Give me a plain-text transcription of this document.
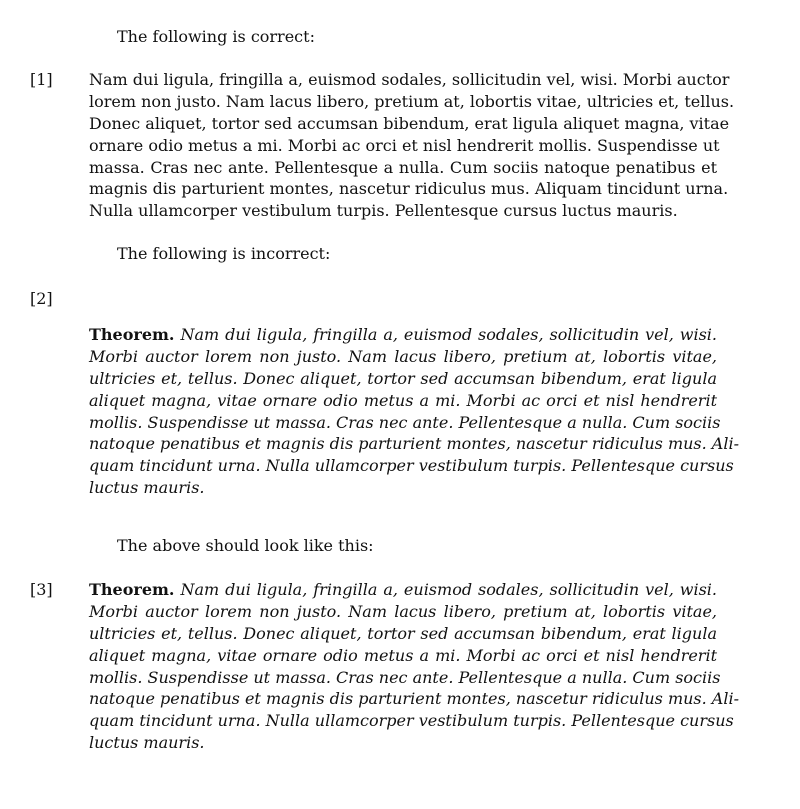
The following is correct:
[1] Nam dui ligula, fringilla a, euismod sodales, sollicitudin vel, wisi. Morbi auctor
lorem non justo. Nam lacus libero, pretium at, lobortis vitae, ultricies et, tellus.
Donec aliquet, tortor sed accumsan bibendum, erat ligula aliquet magna, vitae
ornare odio metus a mi. Morbi ac orci et nisl hendrerit mollis. Suspendisse ut
massa. Cras nec ante. Pellentesque a nulla. Cum sociis natoque penatibus et
magnis dis parturient montes, nascetur ridiculus mus. Aliquam tincidunt urna.
Nulla ullamcorper vestibulum turpis. Pellentesque cursus luctus mauris.
The following is incorrect:
[2]
Theorem. Nam dui ligula, fringilla a, euismod sodales, sollicitudin vel, wisi.
Morbi auctor lorem non justo. Nam lacus libero, pretium at, lobortis vitae,
ultricies et, tellus. Donec aliquet, tortor sed accumsan bibendum, erat ligula
aliquet magna, vitae ornare odio metus a mi. Morbi ac orci et nisl hendrerit
mollis. Suspendisse ut massa. Cras nec ante. Pellentesque a nulla. Cum sociis
natoque penatibus et magnis dis parturient montes, nascetur ridiculus mus. Ali-
quam tincidunt urna. Nulla ullamcorper vestibulum turpis. Pellentesque cursus
luctus mauris.
The above should look like this:
[3] Theorem. Nam dui ligula, fringilla a, euismod sodales, sollicitudin vel, wisi.
Morbi auctor lorem non justo. Nam lacus libero, pretium at, lobortis vitae,
ultricies et, tellus. Donec aliquet, tortor sed accumsan bibendum, erat ligula
aliquet magna, vitae ornare odio metus a mi. Morbi ac orci et nisl hendrerit
mollis. Suspendisse ut massa. Cras nec ante. Pellentesque a nulla. Cum sociis
natoque penatibus et magnis dis parturient montes, nascetur ridiculus mus. Ali-
quam tincidunt urna. Nulla ullamcorper vestibulum turpis. Pellentesque cursus
luctus mauris.
